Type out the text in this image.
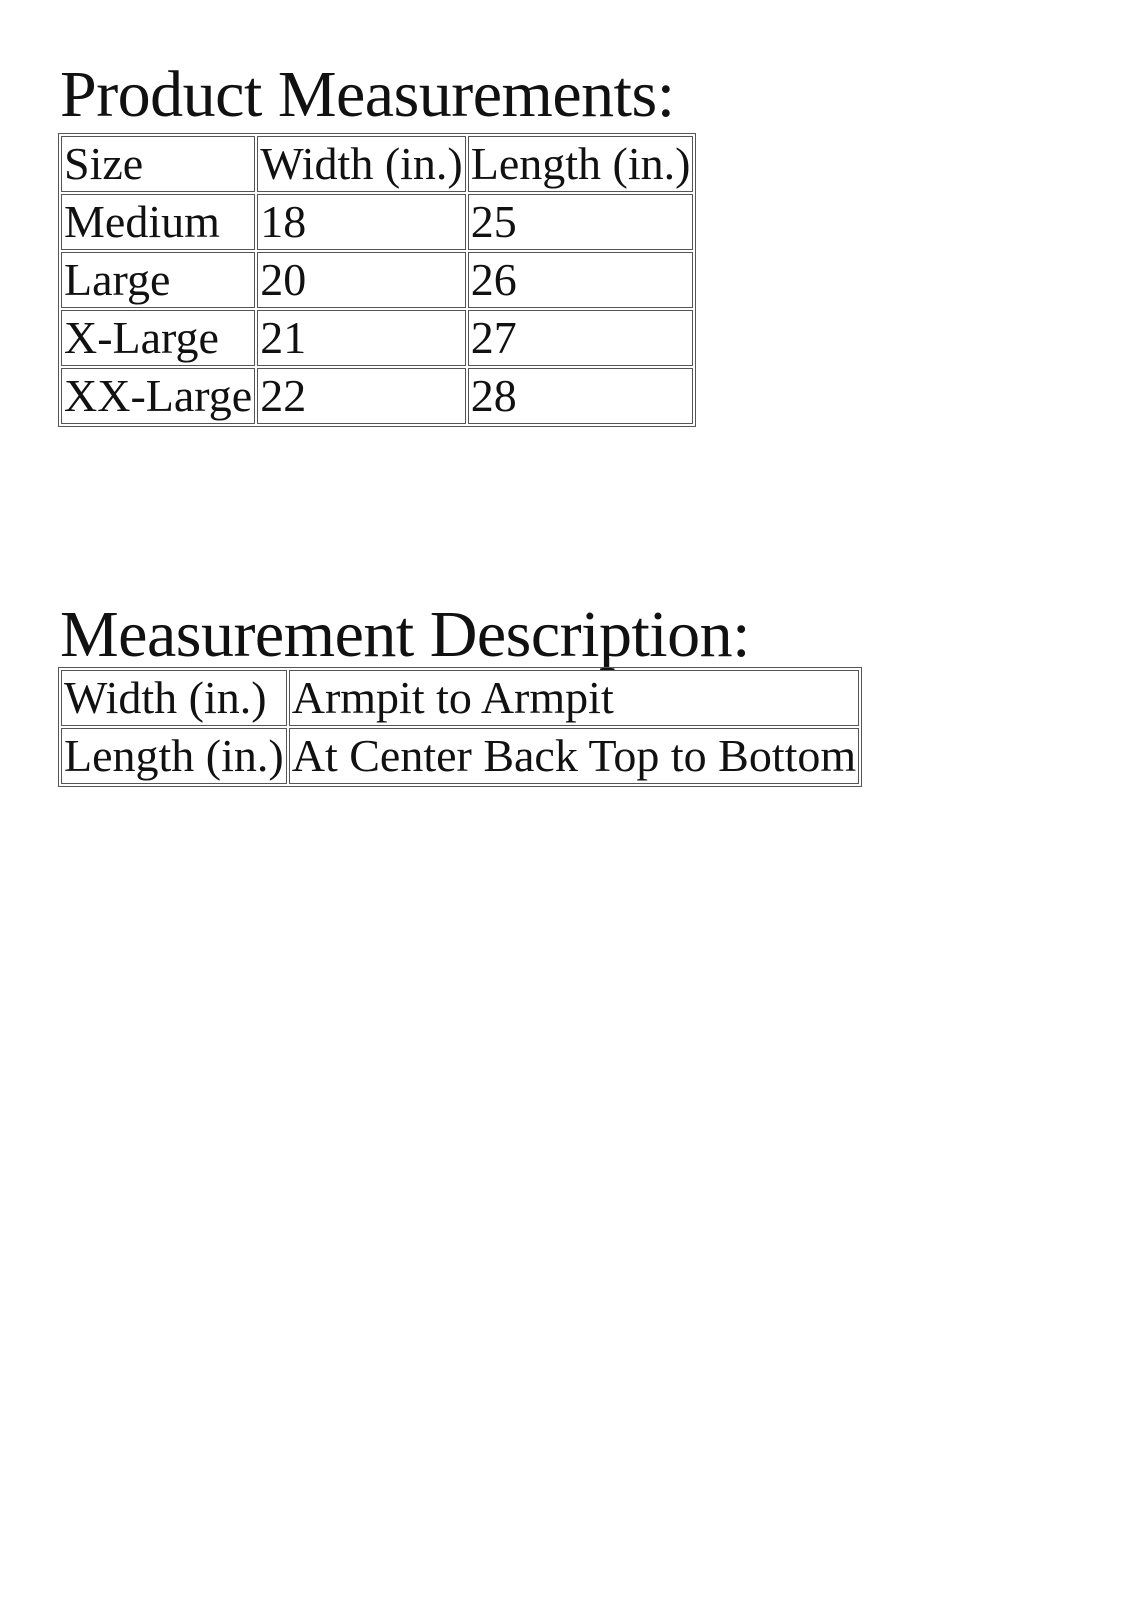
Product Measurements:
Size	Width (in.)	Length (in.)
Medium	18	25
Large	20	26
X-Large	21	27
XX-Large	22	28
Measurement Description:
Width (in.)	Armpit to Armpit
Length (in.)	At Center Back Top to Bottom
